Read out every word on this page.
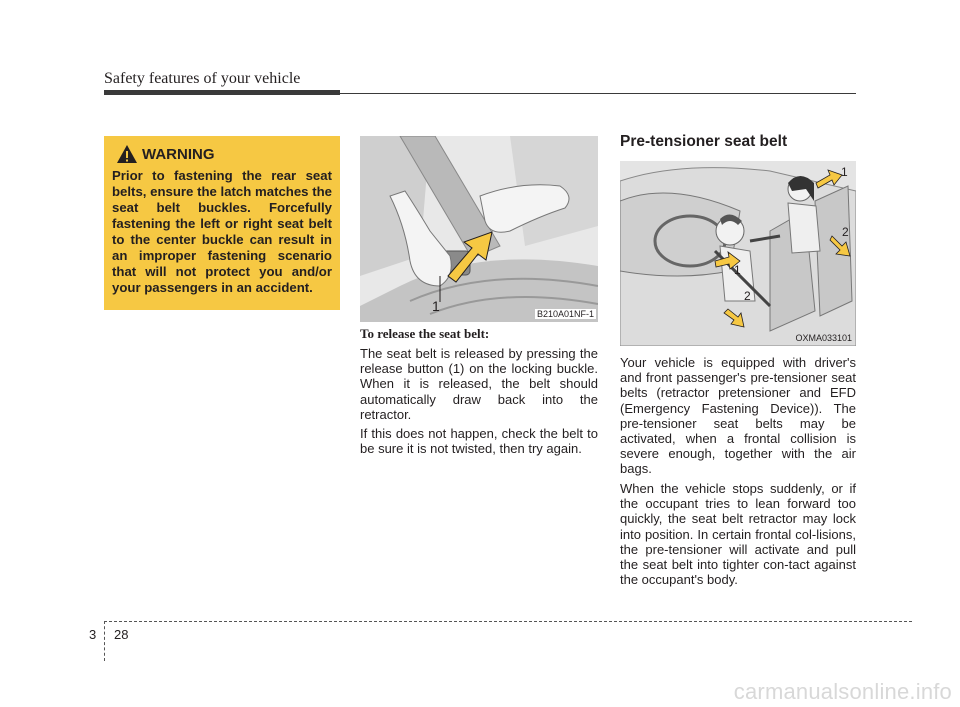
Safety features of your vehicle
WARNING
Prior to fastening the rear seat belts, ensure the latch matches the seat belt buckles. Forcefully fastening the left or right seat belt to the center buckle can result in an improper fastening scenario that will not protect you and/or your passengers in an accident.
1	B210A01NF-1
To release the seat belt:
The seat belt is released by pressing the release button (1) on the locking buckle. When it is released, the belt should automatically draw back into the retractor.
If this does not happen, check the belt to be sure it is not twisted, then try again.
Pre-tensioner seat belt
1
2
1
2
OXMA033101
Your vehicle is equipped with driver's and front passenger's pre-tensioner seat belts (retractor pretensioner and EFD (Emergency Fastening Device)). The pre-tensioner seat belts may be activated, when a frontal collision is severe enough, together with the air bags.
When the vehicle stops suddenly, or if the occupant tries to lean forward too quickly, the seat belt retractor may lock into position. In certain frontal col-lisions, the pre-tensioner will activate and pull the seat belt into tighter con-tact against the occupant's body.
3 28
carmanualsonline.info
